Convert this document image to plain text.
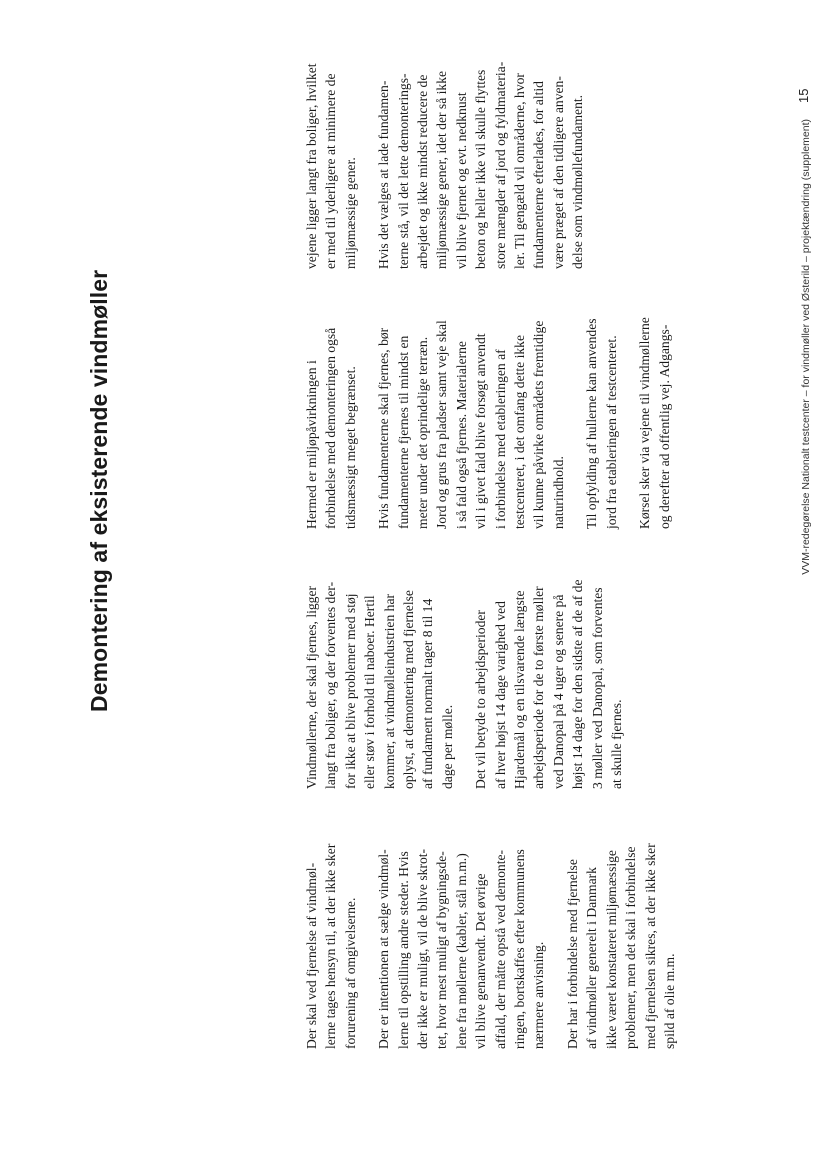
Demontering af eksisterende vindmøller

Der skal ved fjernelse af vindmøl- lerne tages hensyn til, at der ikke sker forurening af omgivelserne. Der er intentionen at sælge vindmøl- lerne til opstilling andre steder. Hvis der ikke er muligt, vil de blive skrot- tet, hvor mest muligt af bygningsde- lene fra møllerne (kabler, stål m.m.) vil blive genanvendt. Det øvrige affald, der måtte opstå ved demonte- ringen, bortskaffes efter kommunens nærmere anvisning. Der har i forbindelse med fjernelse af vindmøller generelt i Danmark ikke været konstateret miljømæssige problemer, men det skal i forbindelse med fjernelsen sikres, at der ikke sker spild af olie m.m.

Vindmøllerne, der skal fjernes, ligger langt fra boliger, og der forventes der- for ikke at blive problemer med støj eller støv i forhold til naboer. Hertil kommer, at vindmølleindustrien har oplyst, at demontering med fjernelse af fundament normalt tager 8 til 14 dage per mølle. Det vil betyde to arbejdsperioder af hver højst 14 dage varighed ved Hjardemål og en tilsvarende længste arbejdsperiode for de to første møller ved Danopal på 4 uger og senere på højst 14 dage for den sidste af de af de 3 møller ved Danopal, som forventes at skulle fjernes.

Hermed er miljøpåvirkningen i forbindelse med demonteringen også tidsmæssigt meget begrænset. Hvis fundamenterne skal fjernes, bør fundamenterne fjernes til mindst en meter under det oprindelige terræn. Jord og grus fra pladser samt veje skal i så fald også fjernes. Materialerne vil i givet fald blive forsøgt anvendt i forbindelse med etableringen af testcenteret, i det omfang dette ikke vil kunne påvirke områdets fremtidige naturindhold. Til opfylding af hullerne kan anvendes jord fra etableringen af testcenteret. Kørsel sker via vejene til vindmøllerne og derefter ad offentlig vej. Adgangs-

vejene ligger langt fra boliger, hvilket er med til yderligere at minimere de miljømæssige gener. Hvis det vælges at lade fundamen- terne stå, vil det lette demonterings- arbejdet og ikke mindst reducere de miljømæssige gener, idet der så ikke vil blive fjernet og evt. nedknust beton og heller ikke vil skulle flyttes store mængder af jord og fyldmateria- ler. Til gengæld vil områderne, hvor fundamenterne efterlades, for altid være præget af den tidligere anven- delse som vindmøllefundament.	VVM-redegørelse Nationalt testcenter – for vindmøller ved Østerild – projektændring (supplement)
15
